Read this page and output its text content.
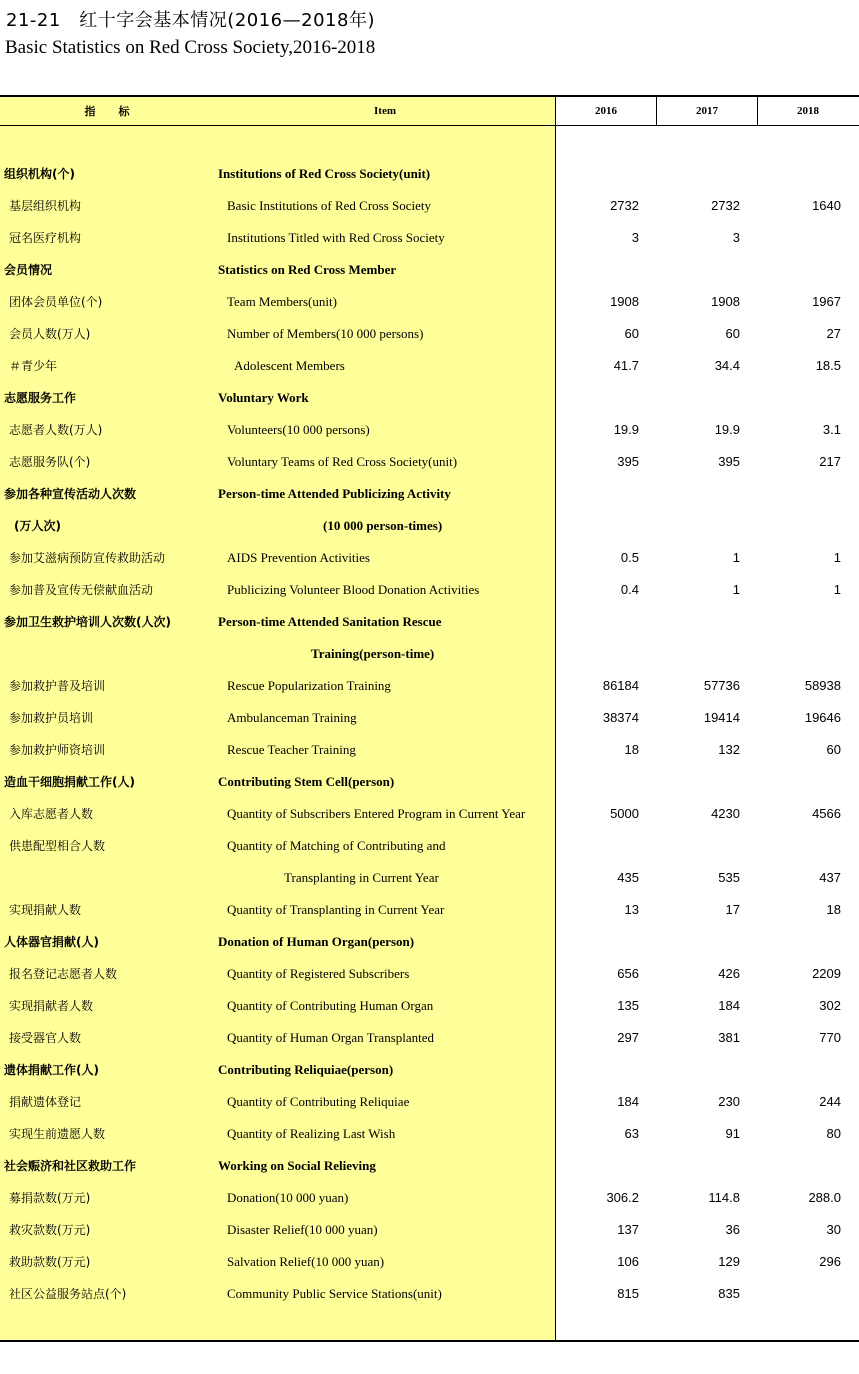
21-21　红十字会基本情况(2016—2018年)
Basic Statistics on Red Cross Society,2016-2018
指　标	Item	2016	2017	2018
组织机构(个)	Institutions of Red Cross Society(unit)
基层组织机构	Basic Institutions of Red Cross Society	2732	2732	1640
冠名医疗机构	Institutions Titled with Red Cross Society	3	3
会员情况	Statistics on Red Cross Member
团体会员单位(个)	Team Members(unit)	1908	1908	1967
会员人数(万人)	Number of Members(10 000 persons)	60	60	27
＃青少年	Adolescent Members	41.7	34.4	18.5
志愿服务工作	Voluntary Work
志愿者人数(万人)	Volunteers(10 000 persons)	19.9	19.9	3.1
志愿服务队(个)	Voluntary Teams of Red Cross Society(unit)	395	395	217
参加各种宣传活动人次数	Person-time Attended Publicizing Activity
(万人次)	(10 000 person-times)
参加艾滋病预防宣传救助活动	AIDS Prevention Activities	0.5	1	1
参加普及宣传无偿献血活动	Publicizing Volunteer Blood Donation Activities	0.4	1	1
参加卫生救护培训人次数(人次)	Person-time Attended Sanitation Rescue
Training(person-time)
参加救护普及培训	Rescue Popularization Training	86184	57736	58938
参加救护员培训	Ambulanceman Training	38374	19414	19646
参加救护师资培训	Rescue Teacher Training	18	132	60
造血干细胞捐献工作(人)	Contributing Stem Cell(person)
入库志愿者人数	Quantity of Subscribers Entered Program in Current Year	5000	4230	4566
供患配型相合人数	Quantity of Matching of Contributing and
Transplanting in Current Year	435	535	437
实现捐献人数	Quantity of Transplanting in Current Year	13	17	18
人体器官捐献(人)	Donation of Human Organ(person)
报名登记志愿者人数	Quantity of Registered Subscribers	656	426	2209
实现捐献者人数	Quantity of Contributing Human Organ	135	184	302
接受器官人数	Quantity of Human Organ Transplanted	297	381	770
遗体捐献工作(人)	Contributing Reliquiae(person)
捐献遗体登记	Quantity of Contributing Reliquiae	184	230	244
实现生前遗愿人数	Quantity of Realizing Last Wish	63	91	80
社会赈济和社区救助工作	Working on Social Relieving
募捐款数(万元)	Donation(10 000 yuan)	306.2	114.8	288.0
救灾款数(万元)	Disaster Relief(10 000 yuan)	137	36	30
救助款数(万元)	Salvation Relief(10 000 yuan)	106	129	296
社区公益服务站点(个)	Community Public Service Stations(unit)	815	835
